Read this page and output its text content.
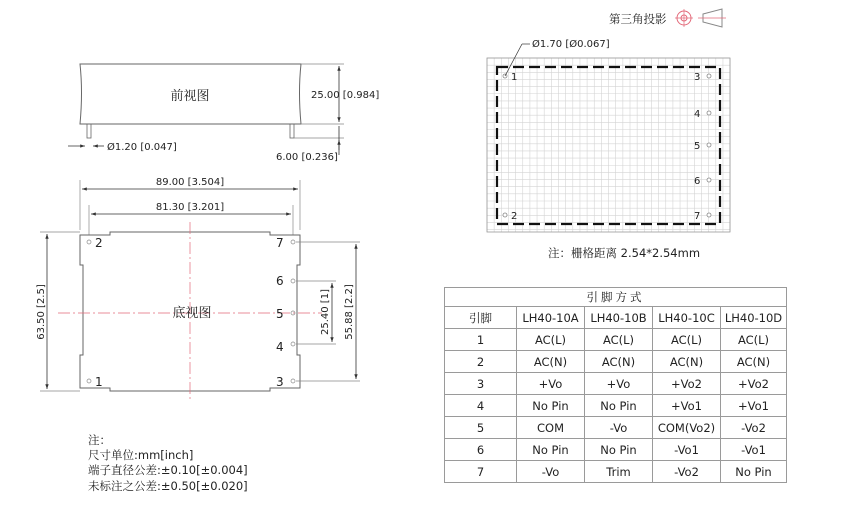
第三角投影
前视图	25.00 [0.984]
6.00 [0.236]
Ø1.20 [0.047]
89.00 [3.504]
81.30 [3.201]
底视图
1
2
3
4
5
6
7
63.50 [2.5]	55.88 [2.2]
25.40 [1]
1
2
3
4
5
6
7
Ø1.70 [Ø0.067]
注：栅格距离 2.54*2.54mm
引脚方式				
引脚	LH40-10A	LH40-10B	LH40-10C	LH40-10D
1	AC(L)	AC(L)	AC(L)	AC(L)
2	AC(N)	AC(N)	AC(N)	AC(N)
3	+Vo	+Vo	+Vo2	+Vo2
4	No Pin	No Pin	+Vo1	+Vo1
5	COM	-Vo	COM(Vo2)	-Vo2
6	No Pin	No Pin	-Vo1	-Vo1
7	-Vo	Trim	-Vo2	No Pin
注：
尺寸单位:mm[inch]
端子直径公差:±0.10[±0.004]
未标注之公差:±0.50[±0.020]
